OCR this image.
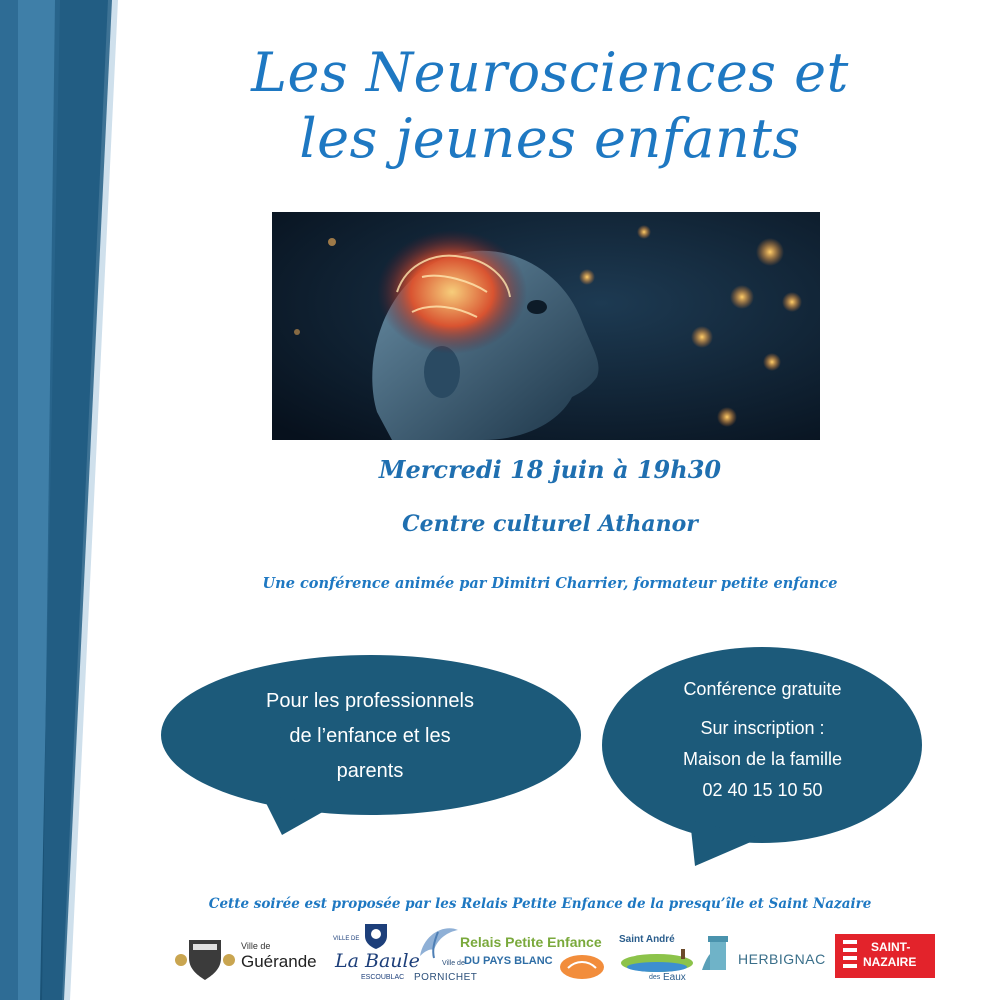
Les Neurosciences et
les jeunes enfants
Mercredi 18 juin à 19h30
Centre culturel Athanor
Une conférence animée par Dimitri Charrier, formateur petite enfance
Pour les professionnels
de l’enfance et les
parents
Conférence gratuite
Sur inscription :
Maison de la famille
02 40 15 10 50
Cette soirée est proposée par les Relais Petite Enfance de la presqu’île et Saint Nazaire
Ville de
Guérande
VILLE DE
La Baule
ESCOUBLAC
Ville de
PORNICHET
Relais Petite Enfance
DU PAYS BLANC
Saint André
des Eaux
HERBIGNAC
SAINT-
NAZAIRE
